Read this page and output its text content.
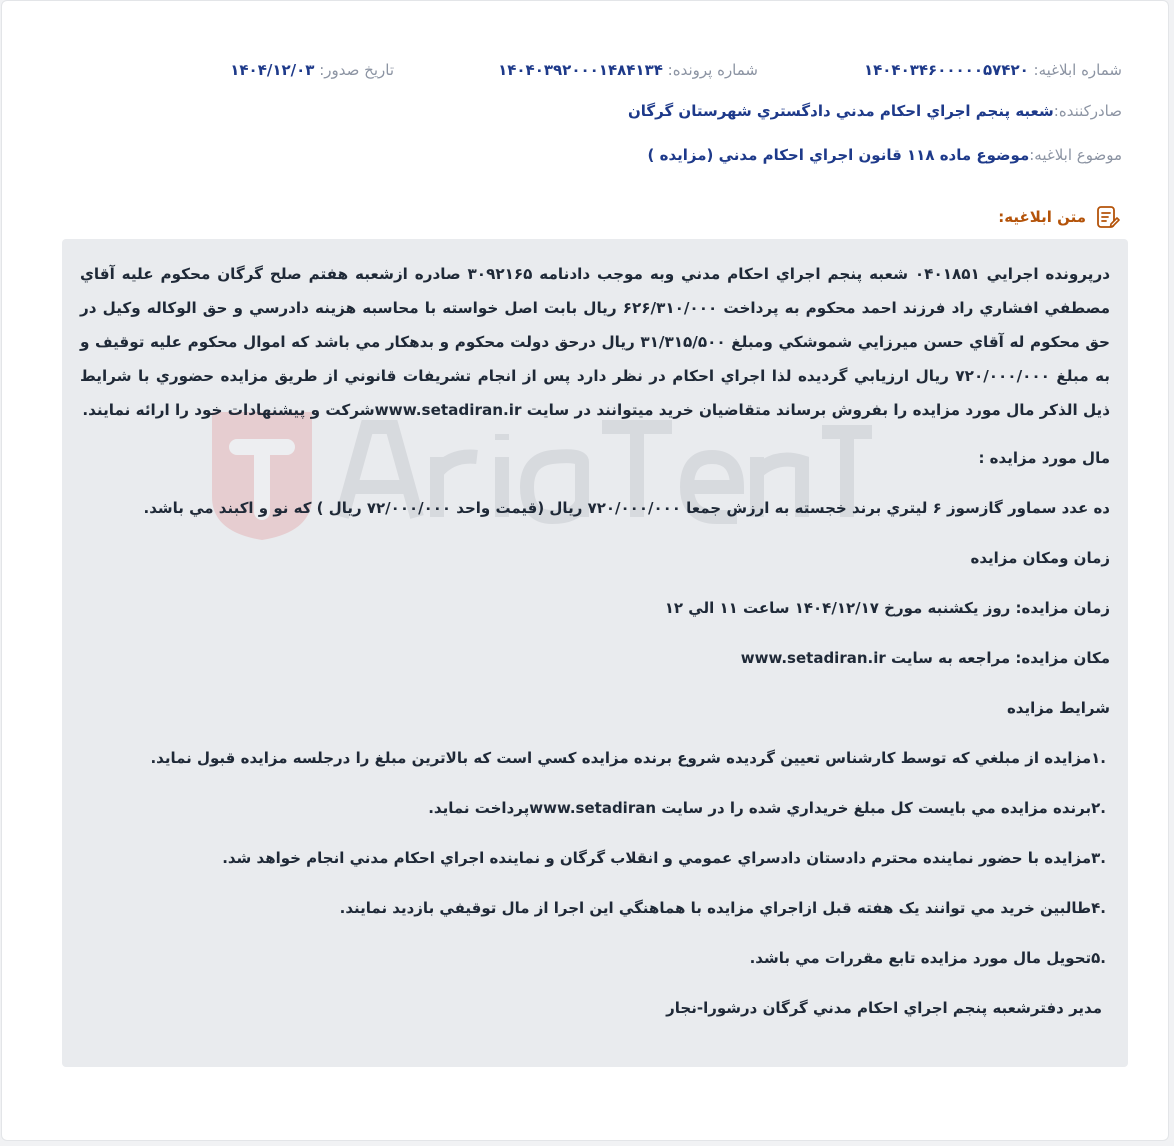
شماره ابلاغيه: ۱۴۰۴۰۳۴۶۰۰۰۰۰۵۷۴۲۰
شماره پرونده: ۱۴۰۴۰۳۹۲۰۰۰۱۴۸۴۱۳۴
تاريخ صدور: ۱۴۰۴/۱۲/۰۳
صادرکننده:
شعبه پنجم اجراي احکام مدني دادگستري شهرستان گرگان
موضوع ابلاغيه:
موضوع ماده ۱۱۸ قانون اجراي احکام مدني (مزايده )
متن ابلاغيه:

درپرونده اجرايي ۰۴۰۱۸۵۱ شعبه پنجم اجراي احکام مدني وبه موجب دادنامه ۳۰۹۲۱۶۵ صادره ازشعبه هفتم صلح گرگان محکوم عليه آقاي مصطفي افشاري راد فرزند احمد محکوم به پرداخت ۶۲۶/۳۱۰/۰۰۰ ريال بابت اصل خواسته با محاسبه هزينه دادرسي و حق الوکاله وکيل در حق محکوم له آقاي حسن ميرزايي شموشکي ومبلغ ۳۱/۳۱۵/۵۰۰ ريال درحق دولت محکوم و بدهکار مي باشد که اموال محکوم عليه توقيف و به مبلغ ۷۲۰/۰۰۰/۰۰۰ ريال ارزيابي گرديده لذا اجراي احکام در نظر دارد پس از انجام تشريفات قانوني از طريق مزايده حضوري با شرايط ذيل الذکر مال مورد مزايده را بفروش برساند متقاضيان خريد ميتوانند در سايت www.setadiran.irشرکت و پيشنهادات خود را ارائه نمايند.

مال مورد مزايده :

ده عدد سماور گازسوز ۶ ليتري برند خجسته به ارزش جمعا ۷۲۰/۰۰۰/۰۰۰ ريال (قيمت واحد ۷۲/۰۰۰/۰۰۰ ريال ) که نو و اکبند مي باشد.

زمان ومکان مزايده

زمان مزايده: روز يکشنبه مورخ ۱۴۰۴/۱۲/۱۷ ساعت ۱۱ الي ۱۲

مکان مزايده: مراجعه به سايت www.setadiran.ir

شرايط مزايده

.۱مزايده از مبلغي که توسط کارشناس تعيين گرديده شروع برنده مزايده کسي است که بالاترين مبلغ را درجلسه مزايده قبول نمايد.

.۲برنده مزايده مي بايست کل مبلغ خريداري شده را در سايت www.setadiranپرداخت نمايد.

.۳مزايده با حضور نماينده محترم دادستان دادسراي عمومي و انقلاب گرگان و نماينده اجراي احکام مدني انجام خواهد شد.

.۴طالبين خريد مي توانند يک هفته قبل ازاجراي مزايده با هماهنگي اين اجرا از مال توقيفي بازديد نمايند.

.۵تحويل مال مورد مزايده تابع مقررات مي باشد.

مدير دفترشعبه پنجم اجراي احکام مدني گرگان درشورا-نجار
